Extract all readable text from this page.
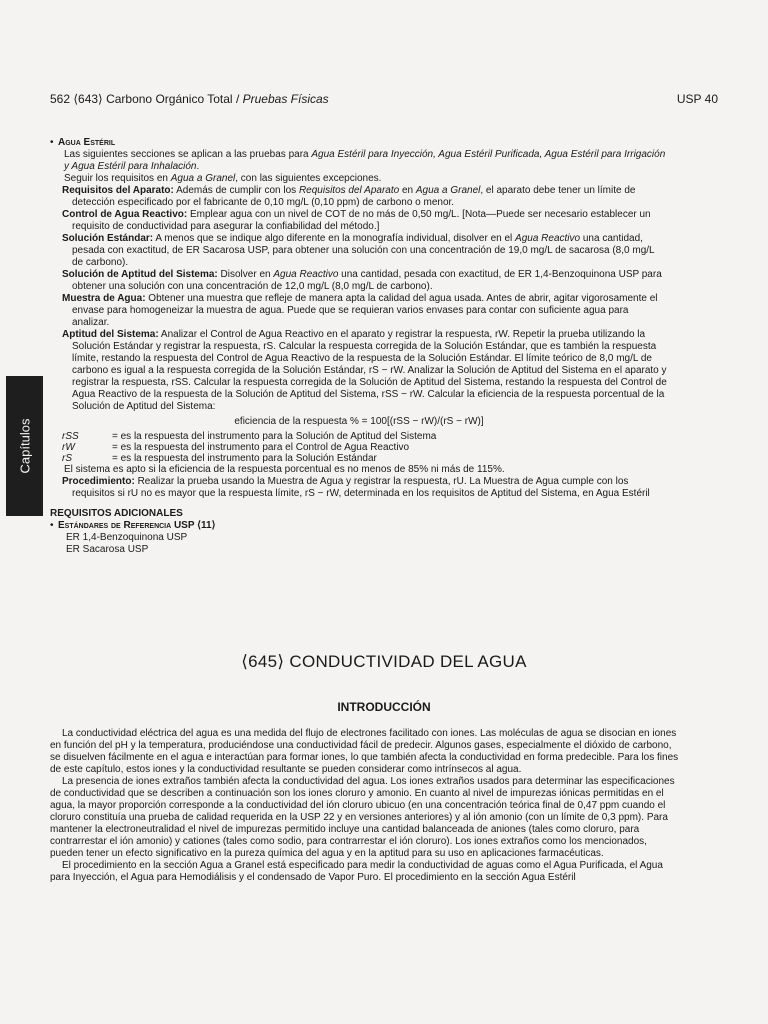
562 ⟨643⟩ Carbono Orgánico Total / Pruebas Físicas	USP 40
Capítulos

• Agua Estéril

Las siguientes secciones se aplican a las pruebas para Agua Estéril para Inyección, Agua Estéril Purificada, Agua Estéril para Irrigación y Agua Estéril para Inhalación.

Seguir los requisitos en Agua a Granel, con las siguientes excepciones.

Requisitos del Aparato: Además de cumplir con los Requisitos del Aparato en Agua a Granel, el aparato debe tener un límite de detección especificado por el fabricante de 0,10 mg/L (0,10 ppm) de carbono o menor.

Control de Agua Reactivo: Emplear agua con un nivel de COT de no más de 0,50 mg/L. [Nota—Puede ser necesario establecer un requisito de conductividad para asegurar la confiabilidad del método.]

Solución Estándar: A menos que se indique algo diferente en la monografía individual, disolver en el Agua Reactivo una cantidad, pesada con exactitud, de ER Sacarosa USP, para obtener una solución con una concentración de 19,0 mg/L de sacarosa (8,0 mg/L de carbono).

Solución de Aptitud del Sistema: Disolver en Agua Reactivo una cantidad, pesada con exactitud, de ER 1,4-Benzoquinona USP para obtener una solución con una concentración de 12,0 mg/L (8,0 mg/L de carbono).

Muestra de Agua: Obtener una muestra que refleje de manera apta la calidad del agua usada. Antes de abrir, agitar vigorosamente el envase para homogeneizar la muestra de agua. Puede que se requieran varios envases para contar con suficiente agua para analizar.

Aptitud del Sistema: Analizar el Control de Agua Reactivo en el aparato y registrar la respuesta, rW. Repetir la prueba utilizando la Solución Estándar y registrar la respuesta, rS. Calcular la respuesta corregida de la Solución Estándar, que es también la respuesta límite, restando la respuesta del Control de Agua Reactivo de la respuesta de la Solución Estándar. El límite teórico de 8,0 mg/L de carbono es igual a la respuesta corregida de la Solución Estándar, rS − rW. Analizar la Solución de Aptitud del Sistema en el aparato y registrar la respuesta, rSS. Calcular la respuesta corregida de la Solución de Aptitud del Sistema, restando la respuesta del Control de Agua Reactivo de la respuesta de la Solución de Aptitud del Sistema, rSS − rW. Calcular la eficiencia de la respuesta porcentual de la Solución de Aptitud del Sistema:

eficiencia de la respuesta % = 100[(rSS − rW)/(rS − rW)]

rSS	= es la respuesta del instrumento para la Solución de Aptitud del Sistema
rW	= es la respuesta del instrumento para el Control de Agua Reactivo
rS	= es la respuesta del instrumento para la Solución Estándar

El sistema es apto si la eficiencia de la respuesta porcentual es no menos de 85% ni más de 115%.

Procedimiento: Realizar la prueba usando la Muestra de Agua y registrar la respuesta, rU. La Muestra de Agua cumple con los requisitos si rU no es mayor que la respuesta límite, rS − rW, determinada en los requisitos de Aptitud del Sistema, en Agua Estéril

REQUISITOS ADICIONALES

• Estándares de Referencia USP ⟨11⟩

ER 1,4-Benzoquinona USP

ER Sacarosa USP

⟨645⟩ CONDUCTIVIDAD DEL AGUA
INTRODUCCIÓN

La conductividad eléctrica del agua es una medida del flujo de electrones facilitado con iones. Las moléculas de agua se disocian en iones en función del pH y la temperatura, produciéndose una conductividad fácil de predecir. Algunos gases, especialmente el dióxido de carbono, se disuelven fácilmente en el agua e interactúan para formar iones, lo que también afecta la conductividad en forma predecible. Para los fines de este capítulo, estos iones y la conductividad resultante se pueden considerar como intrínsecos al agua.

La presencia de iones extraños también afecta la conductividad del agua. Los iones extraños usados para determinar las especificaciones de conductividad que se describen a continuación son los iones cloruro y amonio. En cuanto al nivel de impurezas iónicas permitidas en el agua, la mayor proporción corresponde a la conductividad del ión cloruro ubicuo (en una concentración teórica final de 0,47 ppm cuando el cloruro constituía una prueba de calidad requerida en la USP 22 y en versiones anteriores) y al ión amonio (con un límite de 0,3 ppm). Para mantener la electroneutralidad el nivel de impurezas permitido incluye una cantidad balanceada de aniones (tales como cloruro, para contrarrestar el ión amonio) y cationes (tales como sodio, para contrarrestar el ión cloruro). Los iones extraños como los mencionados, pueden tener un efecto significativo en la pureza química del agua y en la aptitud para su uso en aplicaciones farmacéuticas.

El procedimiento en la sección Agua a Granel está especificado para medir la conductividad de aguas como el Agua Purificada, el Agua para Inyección, el Agua para Hemodiálisis y el condensado de Vapor Puro. El procedimiento en la sección Agua Estéril
